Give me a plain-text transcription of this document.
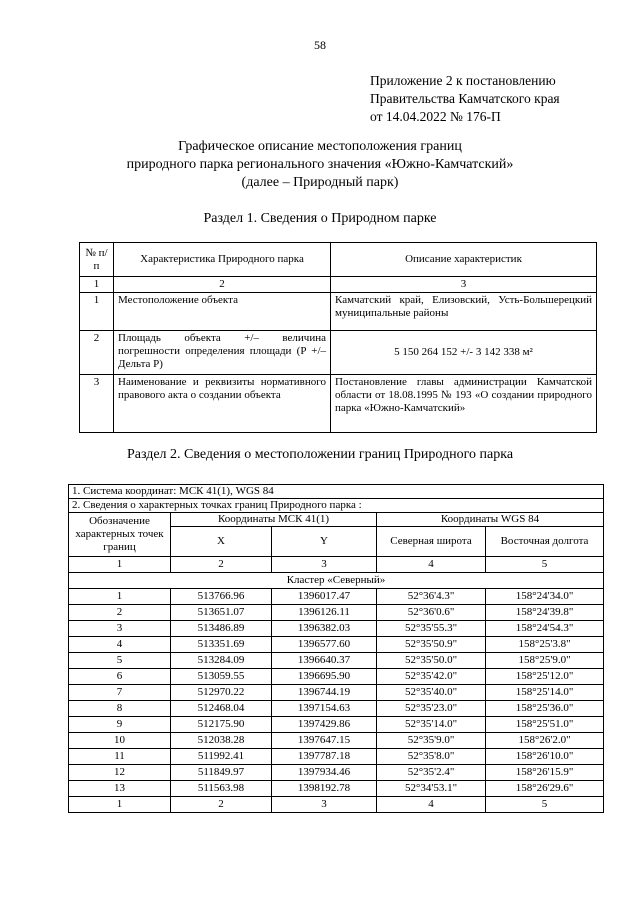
58
Приложение 2 к постановлению
Правительства Камчатского края
от 14.04.2022 № 176-П
Графическое описание местоположения границ
природного парка регионального значения «Южно-Камчатский»
(далее – Природный парк)
Раздел 1. Сведения о Природном парке
№ п/п	Характеристика Природного парка	Описание характеристик
1	2	3
1	Местоположение объекта	Камчатский край, Елизовский, Усть-Большерецкий муниципальные районы
2	Площадь объекта +/– величина погрешности определения площади (P +/– Дельта P)	5 150 264 152 +/- 3 142 338 м²
3	Наименование и реквизиты нормативного правового акта о создании объекта	Постановление главы администрации Камчатской области от 18.08.1995 № 193 «О создании природного парка «Южно-Камчатский»
Раздел 2. Сведения о местоположении границ Природного парка
1. Система координат: МСК 41(1), WGS 84				
2. Сведения о характерных точках границ Природного парка :				
Обозначение характерных точек границ	Координаты МСК 41(1)		Координаты WGS 84	
	X	Y	Северная широта	Восточная долгота
1	2	3	4	5
Кластер «Северный»				
1	513766.96	1396017.47	52°36'4.3"	158°24'34.0"
2	513651.07	1396126.11	52°36'0.6"	158°24'39.8"
3	513486.89	1396382.03	52°35'55.3"	158°24'54.3"
4	513351.69	1396577.60	52°35'50.9"	158°25'3.8"
5	513284.09	1396640.37	52°35'50.0"	158°25'9.0"
6	513059.55	1396695.90	52°35'42.0"	158°25'12.0"
7	512970.22	1396744.19	52°35'40.0"	158°25'14.0"
8	512468.04	1397154.63	52°35'23.0"	158°25'36.0"
9	512175.90	1397429.86	52°35'14.0"	158°25'51.0"
10	512038.28	1397647.15	52°35'9.0"	158°26'2.0"
11	511992.41	1397787.18	52°35'8.0"	158°26'10.0"
12	511849.97	1397934.46	52°35'2.4"	158°26'15.9"
13	511563.98	1398192.78	52°34'53.1"	158°26'29.6"
1	2	3	4	5
